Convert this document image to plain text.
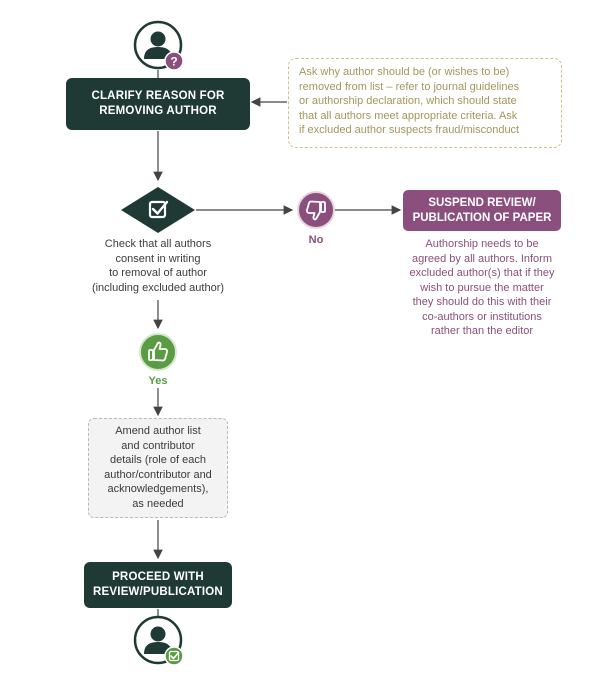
?
CLARIFY REASON FOR
REMOVING AUTHOR
Ask why author should be (or wishes to be)
removed from list – refer to journal guidelines
or authorship declaration, which should state
that all authors meet appropriate criteria. Ask
if excluded author suspects fraud/misconduct
Check that all authors
consent in writing
to removal of author
(including excluded author)
No
SUSPEND REVIEW/
PUBLICATION OF PAPER
Authorship needs to be
agreed by all authors. Inform
excluded author(s) that if they
wish to pursue the matter
they should do this with their
co-authors or institutions
rather than the editor
Yes
Amend author list
and contributor
details (role of each
author/contributor and
acknowledgements),
as needed
PROCEED WITH
REVIEW/PUBLICATION
